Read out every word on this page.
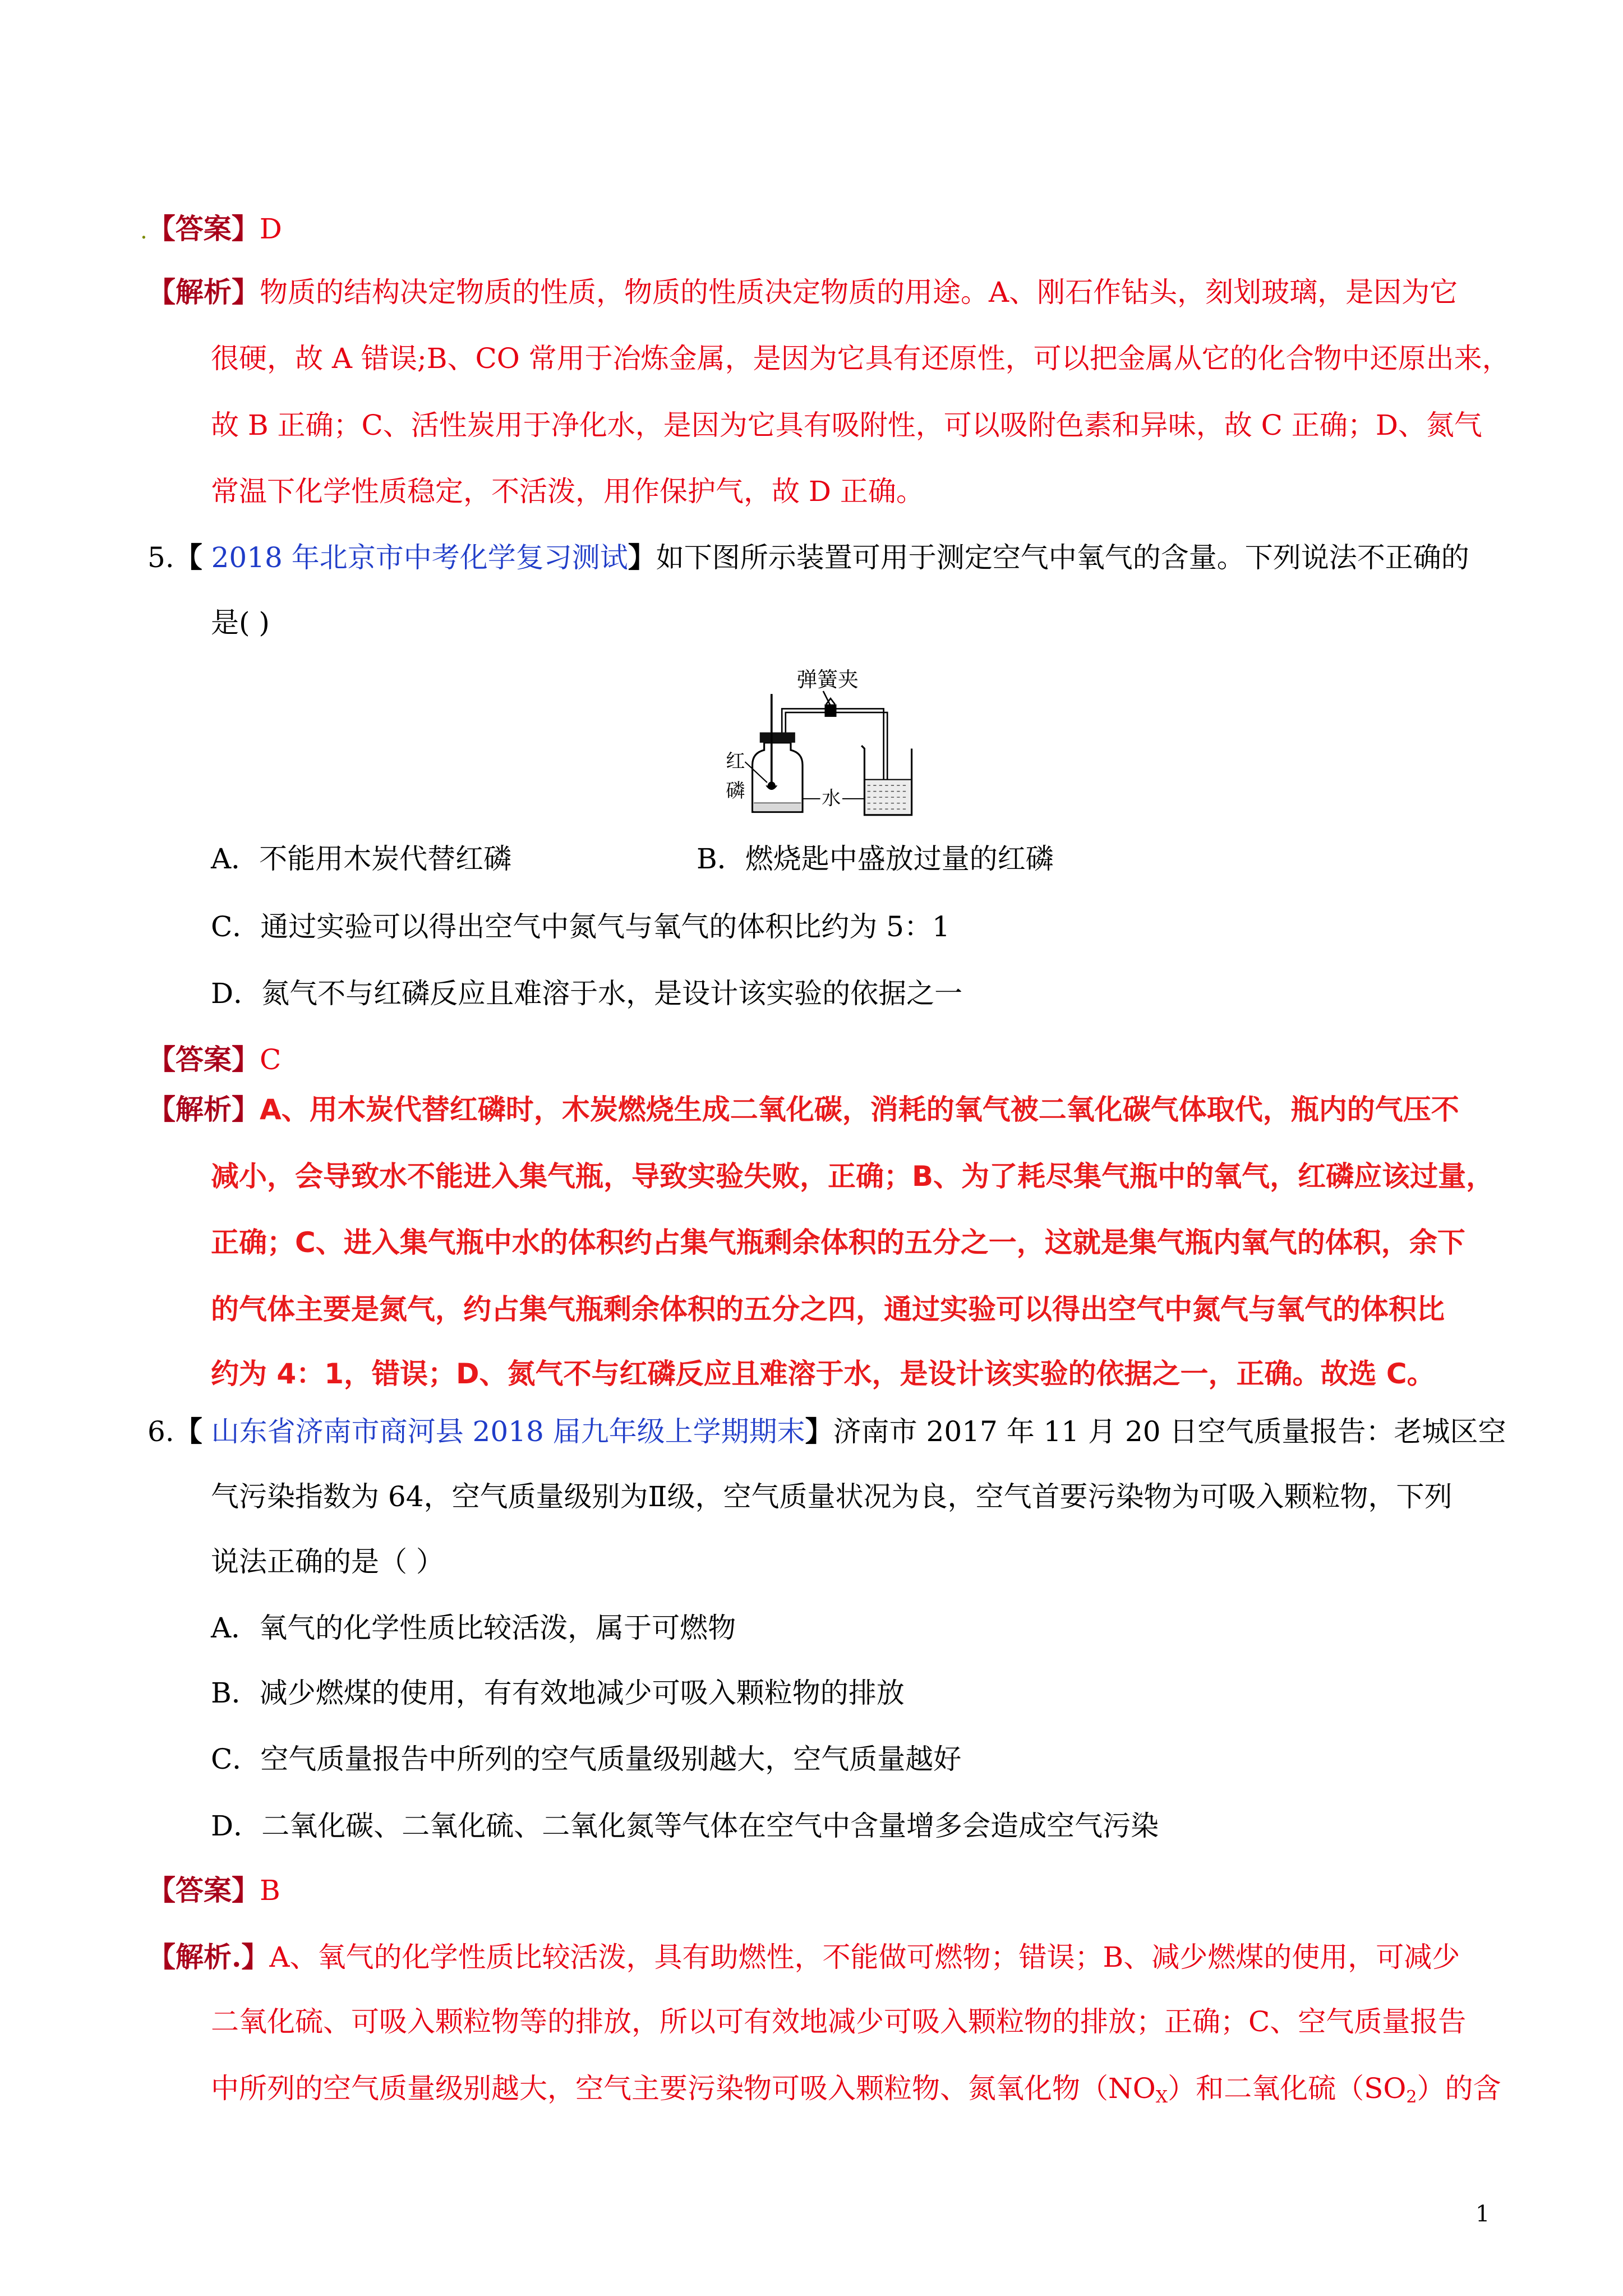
.【答案】D
【解析】物质的结构决定物质的性质，物质的性质决定物质的用途。A、刚石作钻头，刻划玻璃，是因为它
很硬，故 A 错误;B、CO 常用于冶炼金属，是因为它具有还原性，可以把金属从它的化合物中还原出来，
故 B 正确；C、活性炭用于净化水，是因为它具有吸附性，可以吸附色素和异味，故 C 正确；D、氮气
常温下化学性质稳定，不活泼，用作保护气，故 D 正确。
5.【 2018 年北京市中考化学复习测试】如下图所示装置可用于测定空气中氧气的含量。下列说法不正确的
是( )
弹簧夹
红
磷	水
A．不能用木炭代替红磷	B．燃烧匙中盛放过量的红磷
C．通过实验可以得出空气中氮气与氧气的体积比约为 5：1
D．氮气不与红磷反应且难溶于水，是设计该实验的依据之一
【答案】C
【解析】A、用木炭代替红磷时，木炭燃烧生成二氧化碳，消耗的氧气被二氧化碳气体取代，瓶内的气压不
减小，会导致水不能进入集气瓶，导致实验失败，正确；B、为了耗尽集气瓶中的氧气，红磷应该过量，
正确；C、进入集气瓶中水的体积约占集气瓶剩余体积的五分之一，这就是集气瓶内氧气的体积，余下
的气体主要是氮气，约占集气瓶剩余体积的五分之四，通过实验可以得出空气中氮气与氧气的体积比
约为 4：1，错误；D、氮气不与红磷反应且难溶于水，是设计该实验的依据之一，正确。故选 C。
6.【 山东省济南市商河县 2018 届九年级上学期期末】济南市 2017 年 11 月 20 日空气质量报告：老城区空
气污染指数为 64，空气质量级别为Ⅱ级，空气质量状况为良，空气首要污染物为可吸入颗粒物，下列
说法正确的是（ ）
A．氧气的化学性质比较活泼，属于可燃物
B．减少燃煤的使用，有有效地减少可吸入颗粒物的排放
C．空气质量报告中所列的空气质量级别越大，空气质量越好
D．二氧化碳、二氧化硫、二氧化氮等气体在空气中含量增多会造成空气污染
【答案】B
【解析.】A、氧气的化学性质比较活泼，具有助燃性，不能做可燃物；错误；B、减少燃煤的使用，可减少
二氧化硫、可吸入颗粒物等的排放，所以可有效地减少可吸入颗粒物的排放；正确；C、空气质量报告
中所列的空气质量级别越大，空气主要污染物可吸入颗粒物、氮氧化物$(NO_X)$和二氧化硫$(SO_2)$的含
1
